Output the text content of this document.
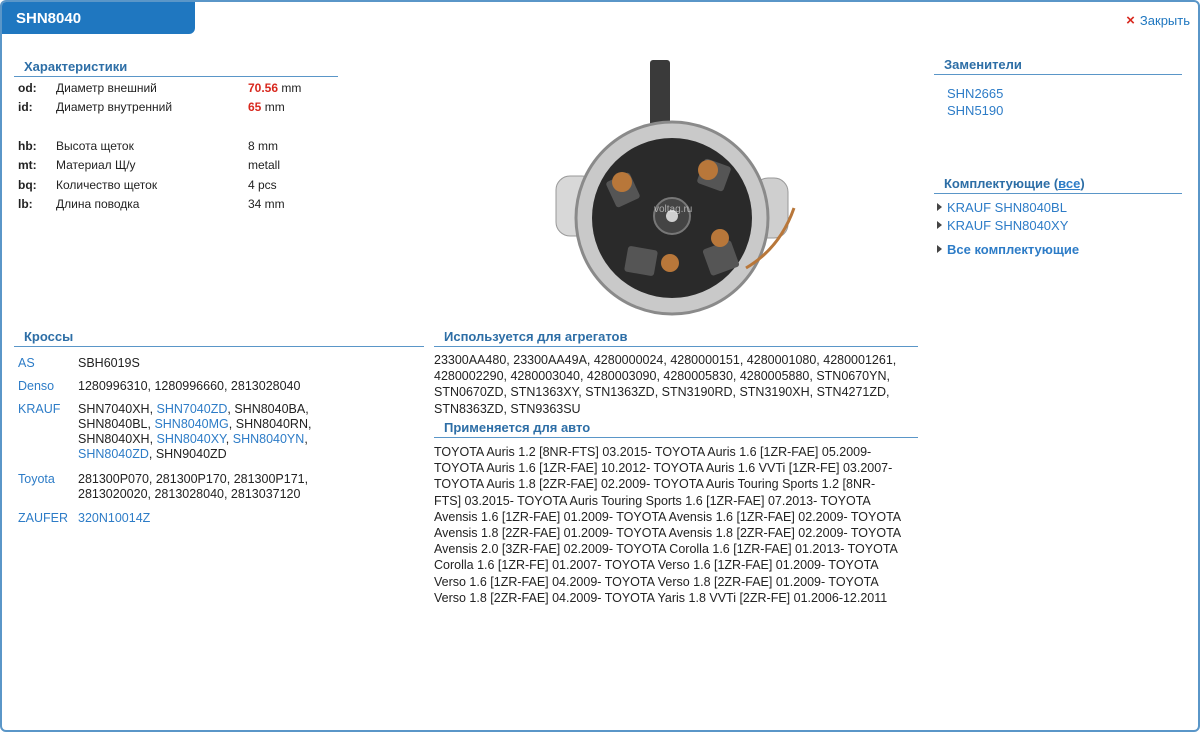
SHN8040	× Закрыть
Характеристики
od: Диаметр внешний	70.56 mm
id: Диаметр внутренний	65 mm
hb: Высота щеток	8 mm
mt: Материал Щ/у	metall
bq: Количество щеток	4 pcs
lb: Длина поводка	34 mm	voltag.ru
Заменители
SHN2665
SHN5190
Комплектующие (все)
KRAUF SHN8040BL
KRAUF SHN8040XY
Все комплектующие
Кроссы
AS	SBH6019S
Denso 1280996310, 1280996660, 2813028040
KRAUF SHN7040XH, SHN7040ZD, SHN8040BA, SHN8040BL, SHN8040MG, SHN8040RN, SHN8040XH, SHN8040XY, SHN8040YN, SHN8040ZD, SHN9040ZD
Toyota 281300P070, 281300P170, 281300P171, 2813020020, 2813028040, 2813037120
ZAUFER 320N10014Z
Используется для агрегатов
23300AA480, 23300AA49A, 4280000024, 4280000151, 4280001080, 4280001261, 4280002290, 4280003040, 4280003090, 4280005830, 4280005880, STN0670YN, STN0670ZD, STN1363XY, STN1363ZD, STN3190RD, STN3190XH, STN4271ZD, STN8363ZD, STN9363SU
Применяется для авто
TOYOTA Auris 1.2 [8NR-FTS] 03.2015- TOYOTA Auris 1.6 [1ZR-FAE] 05.2009- TOYOTA Auris 1.6 [1ZR-FAE] 10.2012- TOYOTA Auris 1.6 VVTi [1ZR-FE] 03.2007- TOYOTA Auris 1.8 [2ZR-FAE] 02.2009- TOYOTA Auris Touring Sports 1.2 [8NR-FTS] 03.2015- TOYOTA Auris Touring Sports 1.6 [1ZR-FAE] 07.2013- TOYOTA Avensis 1.6 [1ZR-FAE] 01.2009- TOYOTA Avensis 1.6 [1ZR-FAE] 02.2009- TOYOTA Avensis 1.8 [2ZR-FAE] 01.2009- TOYOTA Avensis 1.8 [2ZR-FAE] 02.2009- TOYOTA Avensis 2.0 [3ZR-FAE] 02.2009- TOYOTA Corolla 1.6 [1ZR-FAE] 01.2013- TOYOTA Corolla 1.6 [1ZR-FE] 01.2007- TOYOTA Verso 1.6 [1ZR-FAE] 01.2009- TOYOTA Verso 1.6 [1ZR-FAE] 04.2009- TOYOTA Verso 1.8 [2ZR-FAE] 01.2009- TOYOTA Verso 1.8 [2ZR-FAE] 04.2009- TOYOTA Yaris 1.8 VVTi [2ZR-FE] 01.2006-12.2011
